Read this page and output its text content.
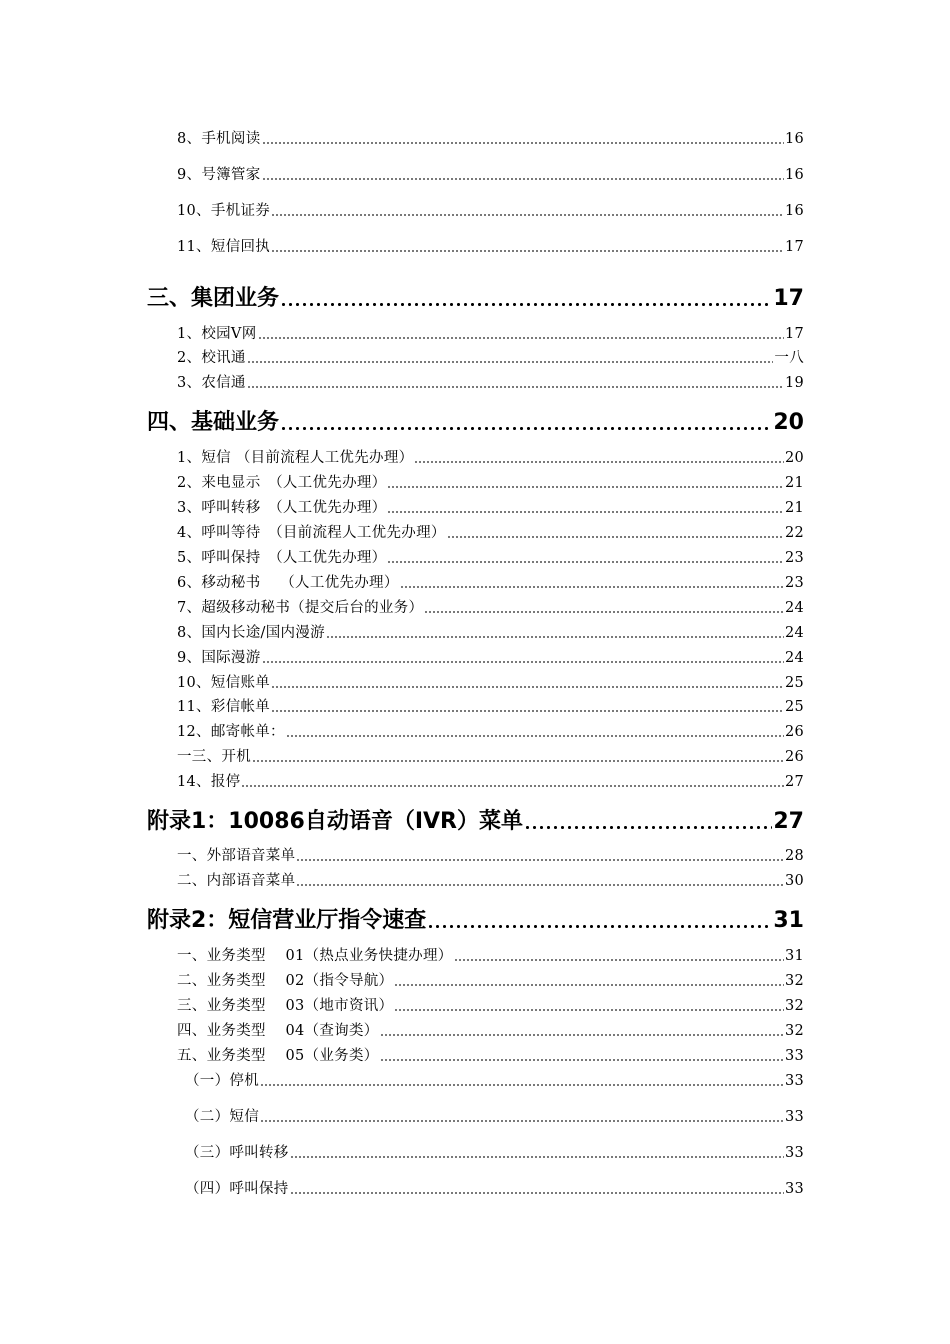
8、手机阅读	16
9、号簿管家	16
10、手机证券	16
11、短信回执	17
三、集团业务	17
1、校园V网	17
2、校讯通	一八
3、农信通	19
四、基础业务	20
1、短信 （目前流程人工优先办理）	20
2、来电显示　（人工优先办理）	21
3、呼叫转移　（人工优先办理）	21
4、呼叫等待　（目前流程人工优先办理）	22
5、呼叫保持　（人工优先办理）	23
6、移动秘书　 （人工优先办理）	23
7、超级移动秘书（提交后台的业务）	24
8、国内长途/国内漫游	24
9、国际漫游	24
10、短信账单	25
11、彩信帐单	25
12、邮寄帐单：	26
一三、开机	26
14、报停	27
附录1：10086自动语音（IVR）菜单	27
一、外部语音菜单	28
二、内部语音菜单	30
附录2：短信营业厅指令速查	31
一、业务类型　 01（热点业务快捷办理）	31
二、业务类型　 02（指令导航）	32
三、业务类型　 03（地市资讯）	32
四、业务类型　 04（查询类）	32
五、业务类型　 05（业务类）	33
（一）停机	33
（二）短信	33
（三）呼叫转移	33
（四）呼叫保持	33
